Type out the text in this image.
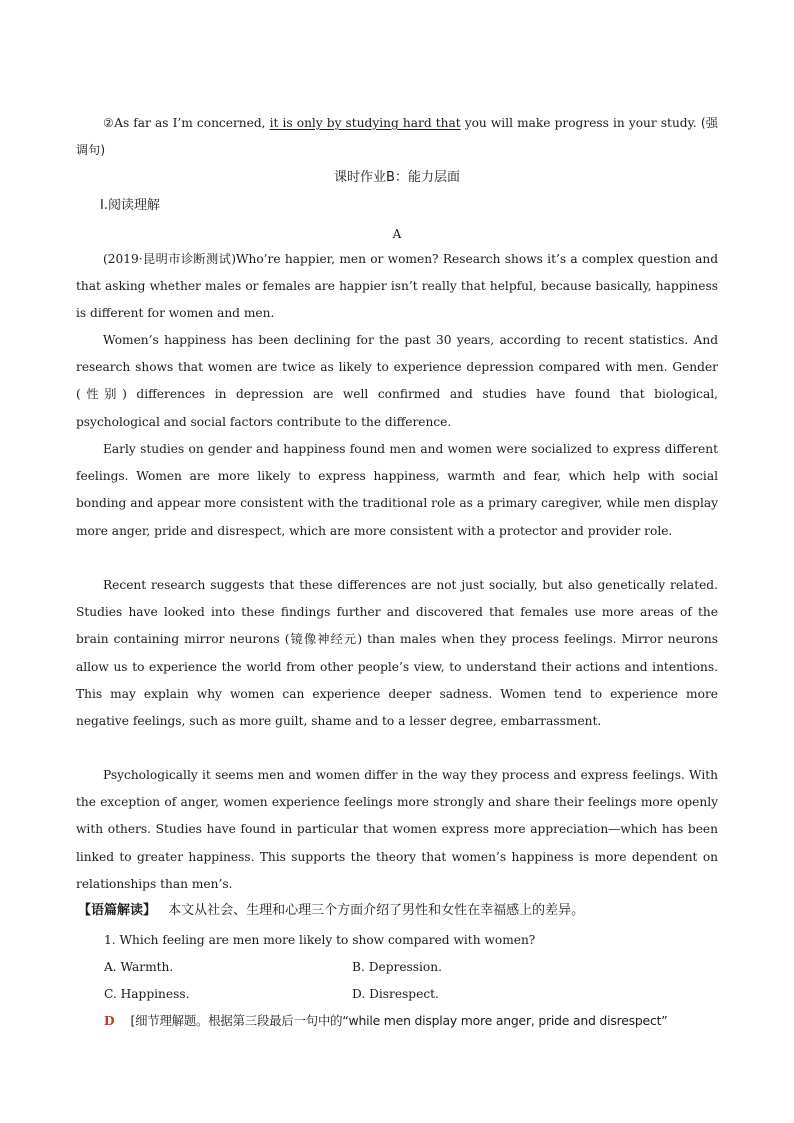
②As far as I’m concerned, it is only by studying hard that you will make progress in your study. (强调句)
课时作业B：能力层面
Ⅰ.阅读理解
A
(2019·昆明市诊断测试)Who’re happier, men or women? Research shows it’s a complex question and that asking whether males or females are happier isn’t really that helpful, because basically, happiness is different for women and men.
Women’s happiness has been declining for the past 30 years, according to recent statistics. And research shows that women are twice as likely to experience depression compared with men. Gender (性别) differences in depression are well confirmed and studies have found that biological, psychological and social factors contribute to the difference.
Early studies on gender and happiness found men and women were socialized to express different feelings. Women are more likely to express happiness, warmth and fear, which help with social bonding and appear more consistent with the traditional role as a primary caregiver, while men display more anger, pride and disrespect, which are more consistent with a protector and provider role.
Recent research suggests that these differences are not just socially, but also genetically related. Studies have looked into these findings further and discovered that females use more areas of the brain containing mirror neurons (镜像神经元) than males when they process feelings. Mirror neurons allow us to experience the world from other people’s view, to understand their actions and intentions. This may explain why women can experience deeper sadness. Women tend to experience more negative feelings, such as more guilt, shame and to a lesser degree, embarrassment.
Psychologically it seems men and women differ in the way they process and express feelings. With the exception of anger, women experience feelings more strongly and share their feelings more openly with others. Studies have found in particular that women express more appreciation—which has been linked to greater happiness. This supports the theory that women’s happiness is more dependent on relationships than men’s.
【语篇解读】 本文从社会、生理和心理三个方面介绍了男性和女性在幸福感上的差异。
1. Which feeling are men more likely to show compared with women?
A. Warmth.	B. Depression.
C. Happiness.	D. Disrespect.
D [细节理解题。根据第三段最后一句中的“while men display more anger, pride and disrespect”
